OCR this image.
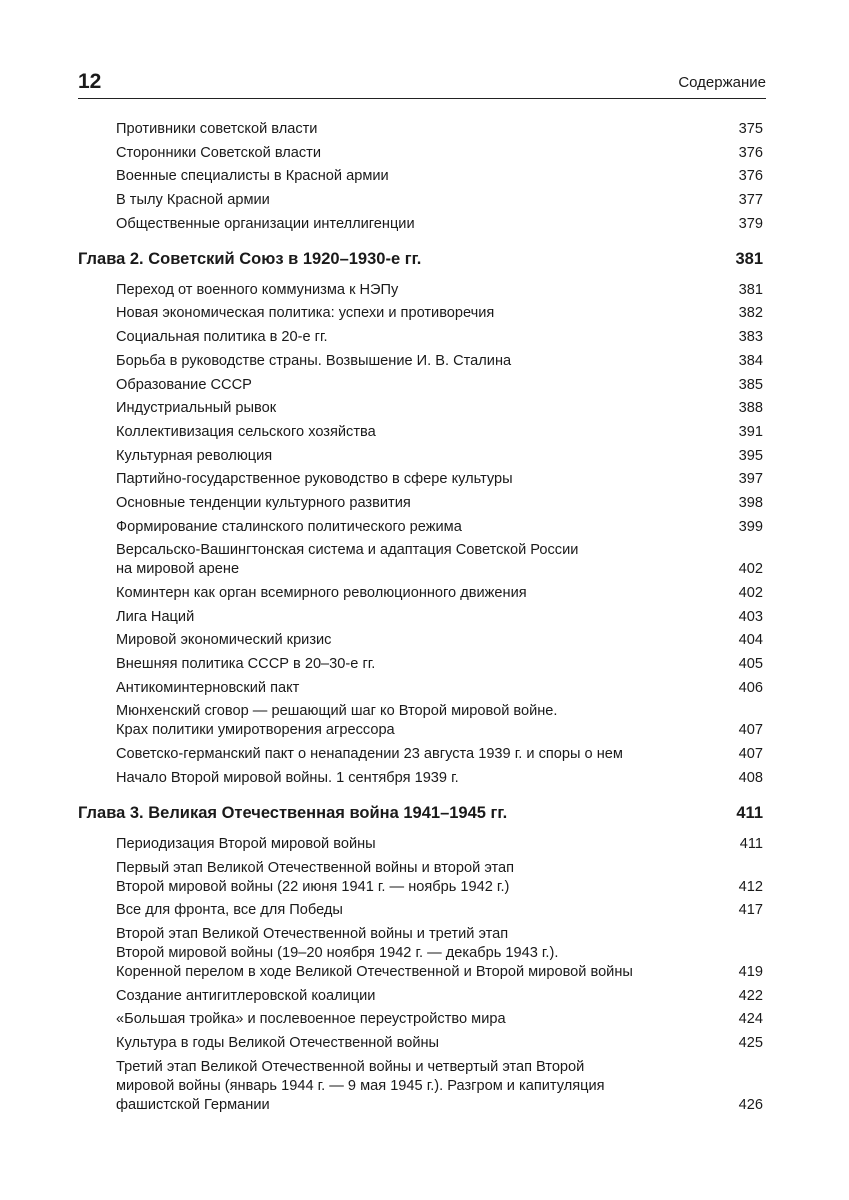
12	Содержание
Противники советской власти	375
Сторонники Советской власти	376
Военные специалисты в Красной армии	376
В тылу Красной армии	377
Общественные организации интеллигенции	379
Глава 2. Советский Союз в 1920–1930-е гг.	381
Переход от военного коммунизма к НЭПу	381
Новая экономическая политика: успехи и противоречия	382
Социальная политика в 20-е гг.	383
Борьба в руководстве страны. Возвышение И. В. Сталина	384
Образование СССР	385
Индустриальный рывок	388
Коллективизация сельского хозяйства	391
Культурная революция	395
Партийно-государственное руководство в сфере культуры	397
Основные тенденции культурного развития	398
Формирование сталинского политического режима	399
Версальско-Вашингтонская система и адаптация Советской России
на мировой арене	402
Коминтерн как орган всемирного революционного движения	402
Лига Наций	403
Мировой экономический кризис	404
Внешняя политика СССР в 20–30-е гг.	405
Антикоминтерновский пакт	406
Мюнхенский сговор — решающий шаг ко Второй мировой войне.
Крах политики умиротворения агрессора	407
Советско-германский пакт о ненападении 23 августа 1939 г. и споры о нем	407
Начало Второй мировой войны. 1 сентября 1939 г.	408
Глава 3. Великая Отечественная война 1941–1945 гг.	411
Периодизация Второй мировой войны	411
Первый этап Великой Отечественной войны и второй этап
Второй мировой войны (22 июня 1941 г. — ноябрь 1942 г.)	412
Все для фронта, все для Победы	417
Второй этап Великой Отечественной войны и третий этап
Второй мировой войны (19–20 ноября 1942 г. — декабрь 1943 г.).
Коренной перелом в ходе Великой Отечественной и Второй мировой войны	419
Создание антигитлеровской коалиции	422
«Большая тройка» и послевоенное переустройство мира	424
Культура в годы Великой Отечественной войны	425
Третий этап Великой Отечественной войны и четвертый этап Второй
мировой войны (январь 1944 г. — 9 мая 1945 г.). Разгром и капитуляция
фашистской Германии	426
